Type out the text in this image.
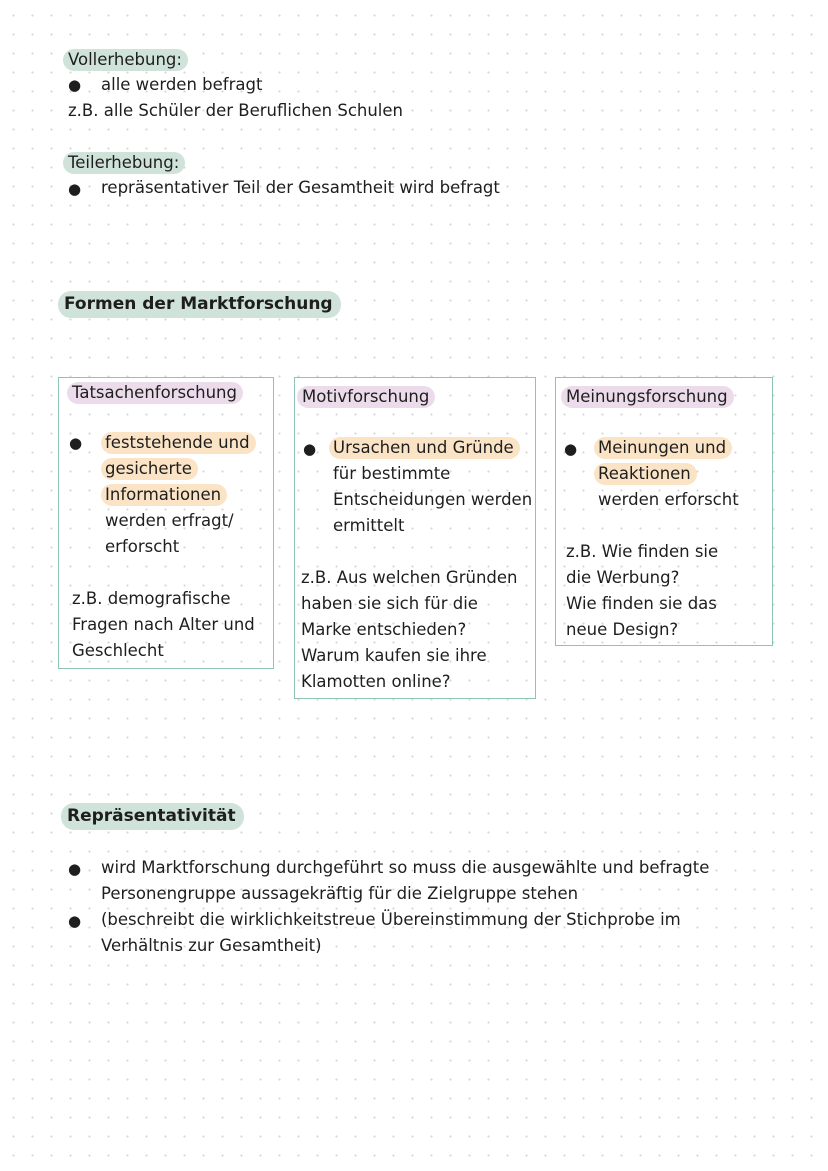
Vollerhebung:
● alle werden befragt
z.B. alle Schüler der Beruflichen Schulen
Teilerhebung:
● repräsentativer Teil der Gesamtheit wird befragt
Formen der Marktforschung
Tatsachenforschung
● feststehende und
gesicherte
Informationen
werden erfragt/
erforscht
z.B. demografische
Fragen nach Alter und
Geschlecht
Motivforschung
● Ursachen und Gründe
für bestimmte
Entscheidungen werden
ermittelt
z.B. Aus welchen Gründen
haben sie sich für die
Marke entschieden?
Warum kaufen sie ihre
Klamotten online?
Meinungsforschung
● Meinungen und
Reaktionen
werden erforscht
z.B. Wie finden sie
die Werbung?
Wie finden sie das
neue Design?
Repräsentativität
● wird Marktforschung durchgeführt so muss die ausgewählte und befragte
Personengruppe aussagekräftig für die Zielgruppe stehen
● (beschreibt die wirklichkeitstreue Übereinstimmung der Stichprobe im
Verhältnis zur Gesamtheit)
